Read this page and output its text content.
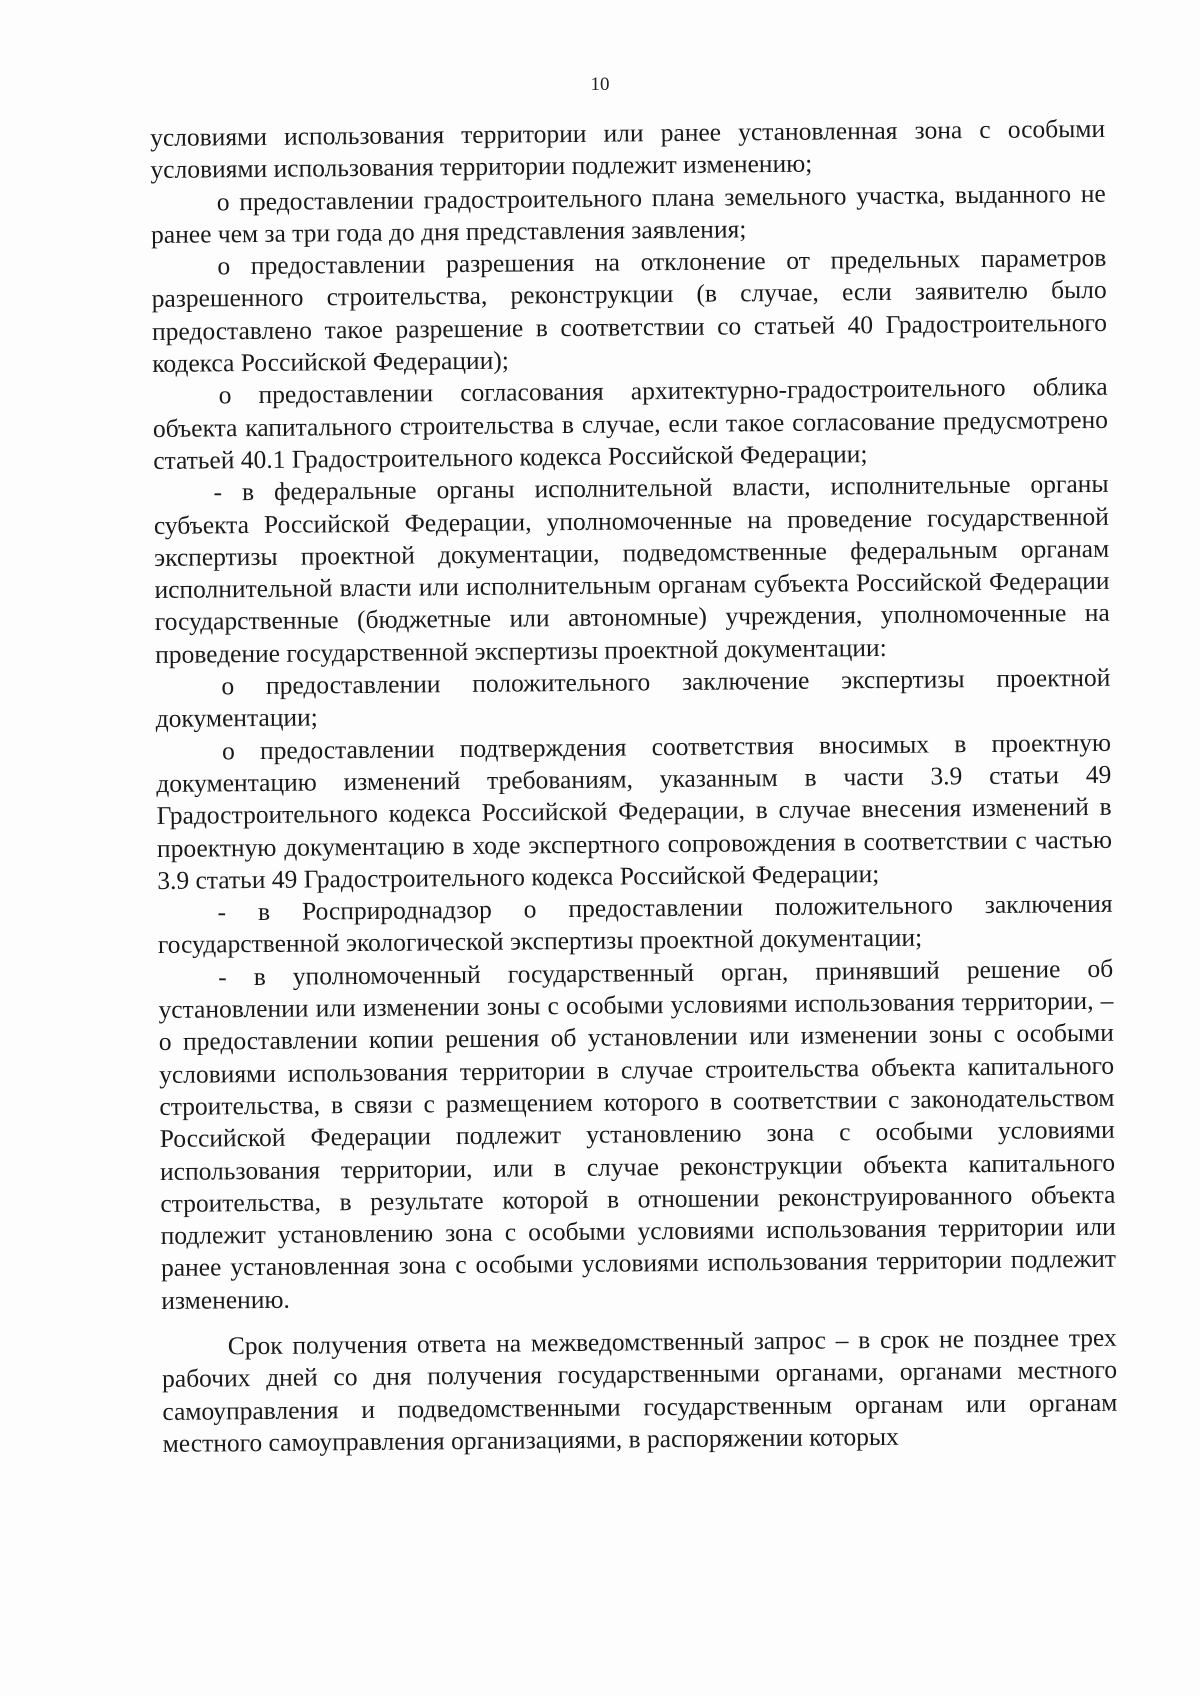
10

условиями использования территории или ранее установленная зона с особыми условиями использования территории подлежит изменению;

о предоставлении градостроительного плана земельного участка, выданного не ранее чем за три года до дня представления заявления;

о предоставлении разрешения на отклонение от предельных параметров разрешенного строительства, реконструкции (в случае, если заявителю было предоставлено такое разрешение в соответствии со статьей 40 Градостроительного кодекса Российской Федерации);

о предоставлении согласования архитектурно-градостроительного облика объекта капитального строительства в случае, если такое согласование предусмотрено статьей 40.1 Градостроительного кодекса Российской Федерации;

- в федеральные органы исполнительной власти, исполнительные органы субъекта Российской Федерации, уполномоченные на проведение государственной экспертизы проектной документации, подведомственные федеральным органам исполнительной власти или исполнительным органам субъекта Российской Федерации государственные (бюджетные или автономные) учреждения, уполномоченные на проведение государственной экспертизы проектной документации:

о предоставлении положительного заключение экспертизы проектной документации;

о предоставлении подтверждения соответствия вносимых в проектную документацию изменений требованиям, указанным в части 3.9 статьи 49 Градостроительного кодекса Российской Федерации, в случае внесения изменений в проектную документацию в ходе экспертного сопровождения в соответствии с частью 3.9 статьи 49 Градостроительного кодекса Российской Федерации;

- в Росприроднадзор о предоставлении положительного заключения государственной экологической экспертизы проектной документации;

- в уполномоченный государственный орган, принявший решение об установлении или изменении зоны с особыми условиями использования территории, – о предоставлении копии решения об установлении или изменении зоны с особыми условиями использования территории в случае строительства объекта капитального строительства, в связи с размещением которого в соответствии с законодательством Российской Федерации подлежит установлению зона с особыми условиями использования территории, или в случае реконструкции объекта капитального строительства, в результате которой в отношении реконструированного объекта подлежит установлению зона с особыми условиями использования территории или ранее установленная зона с особыми условиями использования территории подлежит изменению.

Срок получения ответа на межведомственный запрос – в срок не позднее трех рабочих дней со дня получения государственными органами, органами местного самоуправления и подведомственными государственным органам или органам местного самоуправления организациями, в распоряжении которых
